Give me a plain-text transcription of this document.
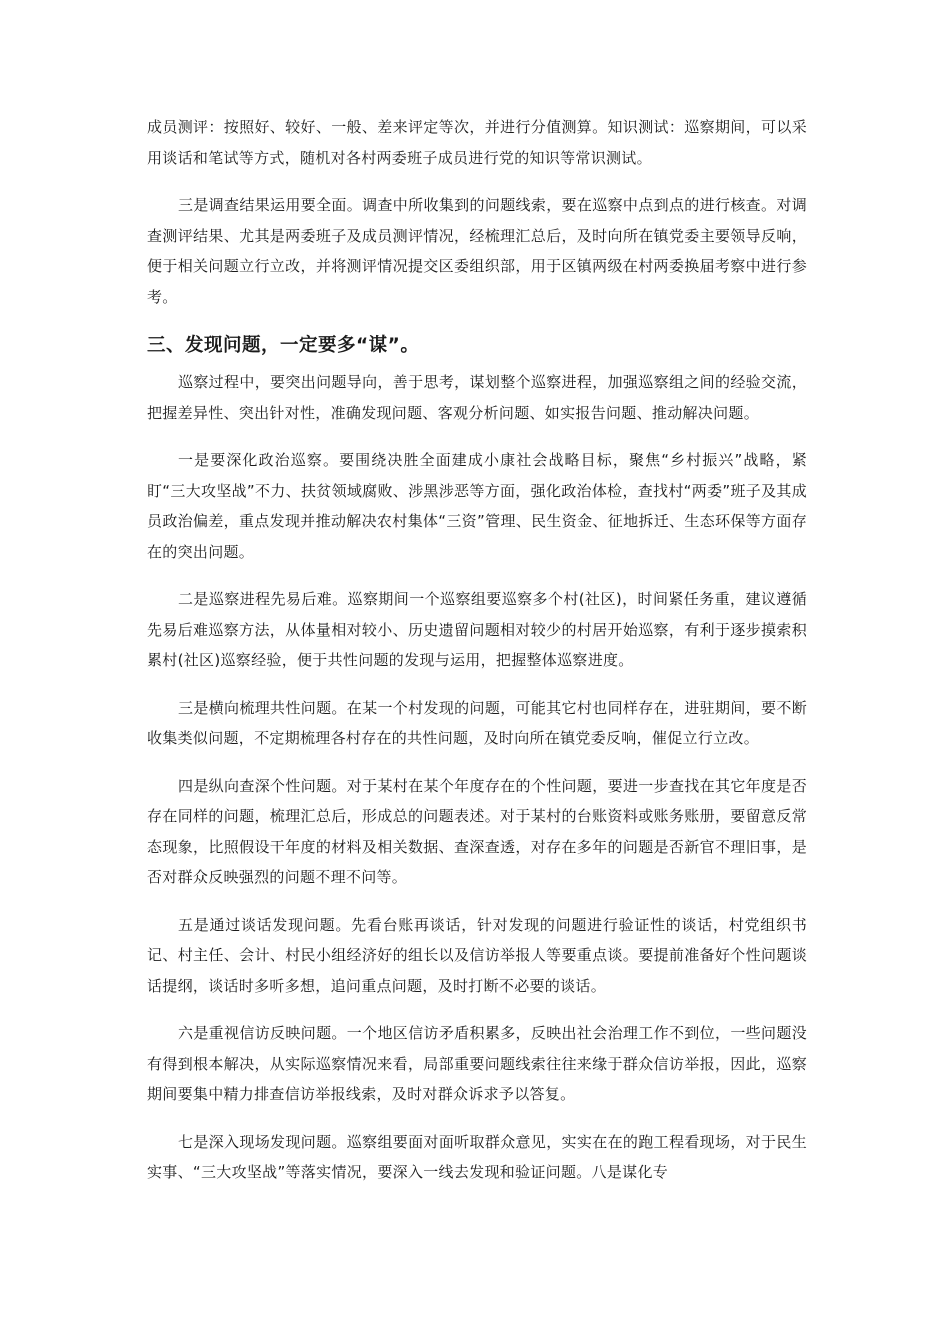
成员测评：按照好、较好、一般、差来评定等次，并进行分值测算。知识测试：巡察期间，可以采用谈话和笔试等方式，随机对各村两委班子成员进行党的知识等常识测试。

三是调查结果运用要全面。调查中所收集到的问题线索，要在巡察中点到点的进行核查。对调查测评结果、尤其是两委班子及成员测评情况，经梳理汇总后，及时向所在镇党委主要领导反响，便于相关问题立行立改，并将测评情况提交区委组织部，用于区镇两级在村两委换届考察中进行参考。

三、发现问题，一定要多“谋”。

巡察过程中，要突出问题导向，善于思考，谋划整个巡察进程，加强巡察组之间的经验交流，把握差异性、突出针对性，准确发现问题、客观分析问题、如实报告问题、推动解决问题。

一是要深化政治巡察。要围绕决胜全面建成小康社会战略目标，聚焦“乡村振兴”战略，紧盯“三大攻坚战”不力、扶贫领域腐败、涉黑涉恶等方面，强化政治体检，查找村“两委”班子及其成员政治偏差，重点发现并推动解决农村集体“三资”管理、民生资金、征地拆迁、生态环保等方面存在的突出问题。

二是巡察进程先易后难。巡察期间一个巡察组要巡察多个村(社区)，时间紧任务重，建议遵循先易后难巡察方法，从体量相对较小、历史遗留问题相对较少的村居开始巡察，有利于逐步摸索积累村(社区)巡察经验，便于共性问题的发现与运用，把握整体巡察进度。

三是横向梳理共性问题。在某一个村发现的问题，可能其它村也同样存在，进驻期间，要不断收集类似问题，不定期梳理各村存在的共性问题，及时向所在镇党委反响，催促立行立改。

四是纵向查深个性问题。对于某村在某个年度存在的个性问题，要进一步查找在其它年度是否存在同样的问题，梳理汇总后，形成总的问题表述。对于某村的台账资料或账务账册，要留意反常态现象，比照假设干年度的材料及相关数据、查深查透，对存在多年的问题是否新官不理旧事，是否对群众反映强烈的问题不理不问等。

五是通过谈话发现问题。先看台账再谈话，针对发现的问题进行验证性的谈话，村党组织书记、村主任、会计、村民小组经济好的组长以及信访举报人等要重点谈。要提前准备好个性问题谈话提纲，谈话时多听多想，追问重点问题，及时打断不必要的谈话。

六是重视信访反映问题。一个地区信访矛盾积累多，反映出社会治理工作不到位，一些问题没有得到根本解决，从实际巡察情况来看，局部重要问题线索往往来缘于群众信访举报，因此，巡察期间要集中精力排查信访举报线索，及时对群众诉求予以答复。

七是深入现场发现问题。巡察组要面对面听取群众意见，实实在在的跑工程看现场，对于民生实事、“三大攻坚战”等落实情况，要深入一线去发现和验证问题。八是谋化专
